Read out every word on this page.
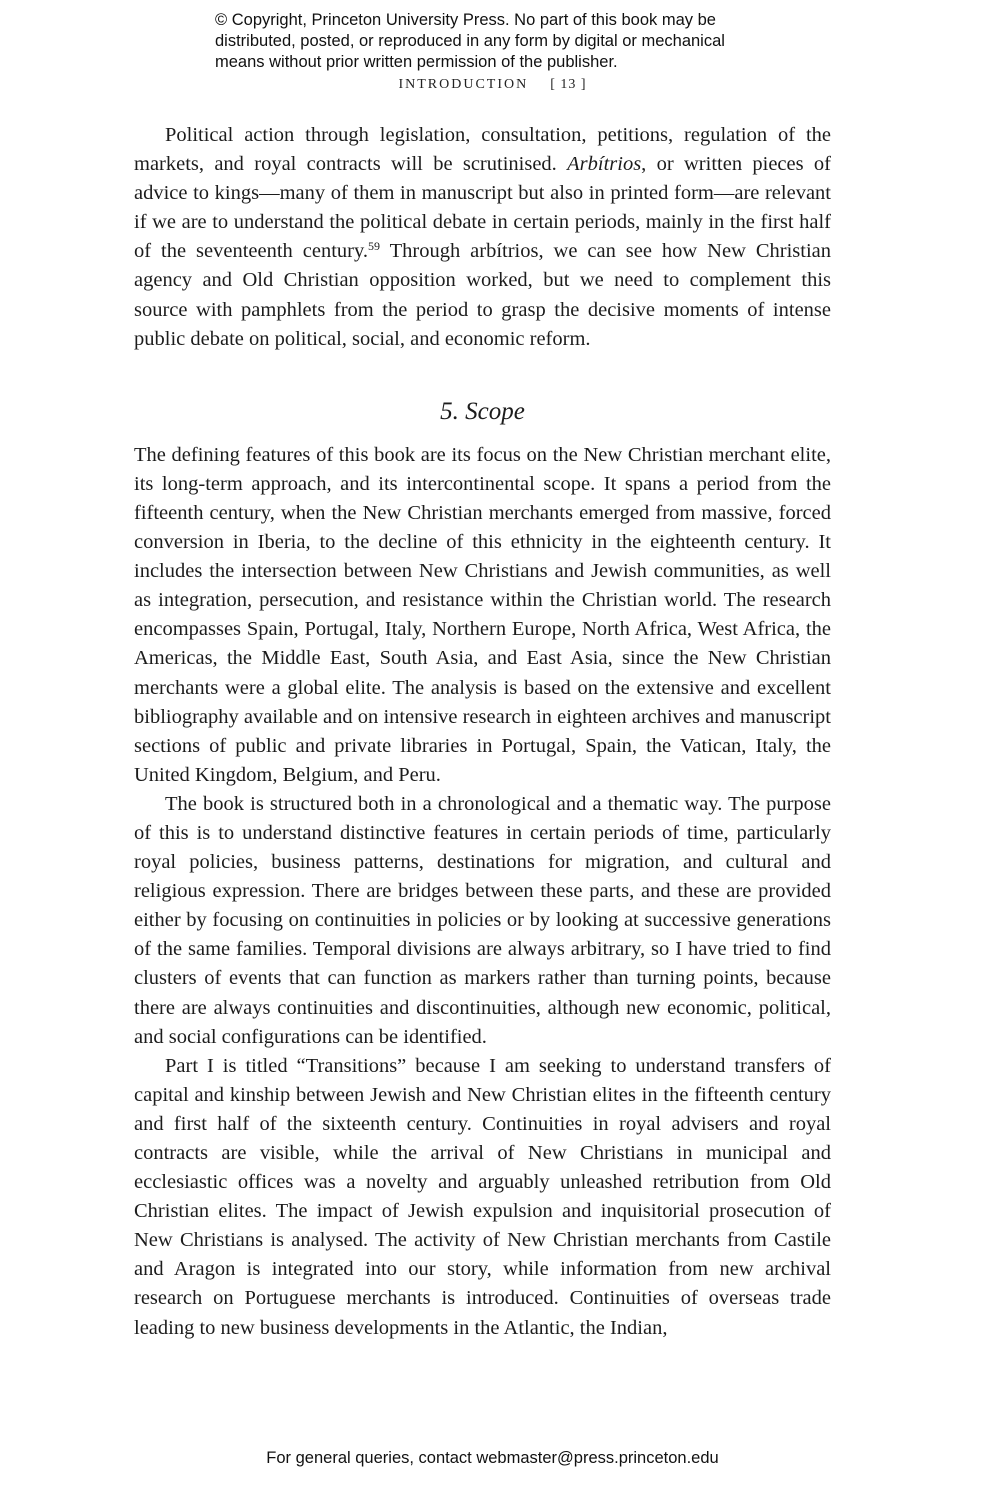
© Copyright, Princeton University Press. No part of this book may be
distributed, posted, or reproduced in any form by digital or mechanical
means without prior written permission of the publisher.
INTRODUCTION [ 13 ]

Political action through legislation, consultation, petitions, regulation of the markets, and royal contracts will be scrutinised. Arbítrios, or written pieces of advice to kings—many of them in manuscript but also in printed form—are relevant if we are to understand the political debate in certain periods, mainly in the first half of the seventeenth century.$^{59}$ Through arbítrios, we can see how New Christian agency and Old Christian opposition worked, but we need to complement this source with pamphlets from the period to grasp the decisive moments of intense public debate on political, social, and economic reform.

5. Scope

The defining features of this book are its focus on the New Christian merchant elite, its long-term approach, and its intercontinental scope. It spans a period from the fifteenth century, when the New Christian merchants emerged from massive, forced conversion in Iberia, to the decline of this ethnicity in the eighteenth century. It includes the intersection between New Christians and Jewish communities, as well as integration, persecution, and resistance within the Christian world. The research encompasses Spain, Portugal, Italy, Northern Europe, North Africa, West Africa, the Americas, the Middle East, South Asia, and East Asia, since the New Christian merchants were a global elite. The analysis is based on the extensive and excellent bibliography available and on intensive research in eighteen archives and manuscript sections of public and private libraries in Portugal, Spain, the Vatican, Italy, the United Kingdom, Belgium, and Peru.

The book is structured both in a chronological and a thematic way. The purpose of this is to understand distinctive features in certain periods of time, particularly royal policies, business patterns, destinations for migration, and cultural and religious expression. There are bridges between these parts, and these are provided either by focusing on continuities in policies or by looking at successive generations of the same families. Temporal divisions are always arbitrary, so I have tried to find clusters of events that can function as markers rather than turning points, because there are always continuities and discontinuities, although new economic, political, and social configurations can be identified.

Part I is titled “Transitions” because I am seeking to understand transfers of capital and kinship between Jewish and New Christian elites in the fifteenth century and first half of the sixteenth century. Continuities in royal advisers and royal contracts are visible, while the arrival of New Christians in municipal and ecclesiastic offices was a novelty and arguably unleashed retribution from Old Christian elites. The impact of Jewish expulsion and inquisitorial prosecution of New Christians is analysed. The activity of New Christian merchants from Castile and Aragon is integrated into our story, while information from new archival research on Portuguese merchants is introduced. Continuities of overseas trade leading to new business developments in the Atlantic, the Indian,

For general queries, contact webmaster@press.princeton.edu
